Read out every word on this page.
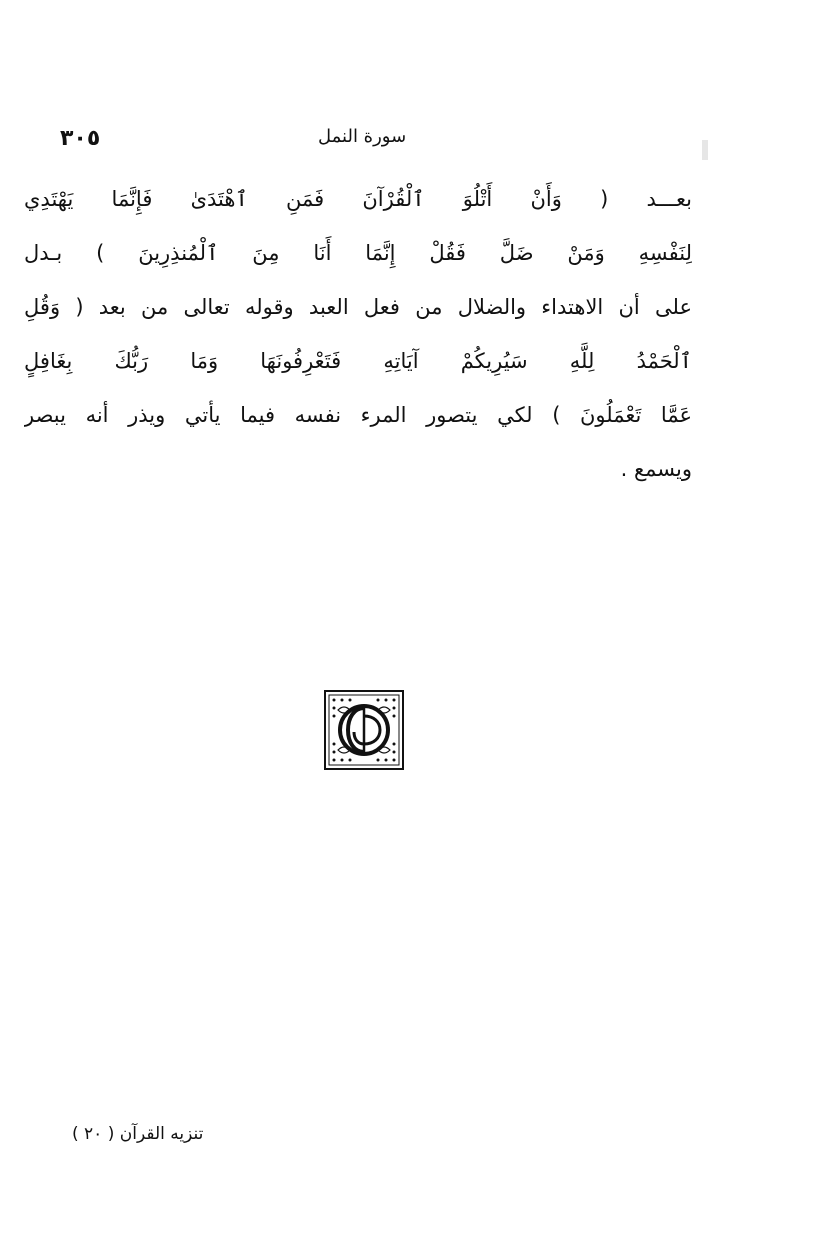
٣٠٥	سورة النمل
بعـــد ( وَأَنْ أَتْلُوَ ٱلْقُرْآنَ فَمَنِ ٱهْتَدَىٰ فَإِنَّمَا يَهْتَدِي
لِنَفْسِهِ وَمَنْ ضَلَّ فَقُلْ إِنَّمَا أَنَا مِنَ ٱلْمُنذِرِينَ ) بـدل
على أن الاهتداء والضلال من فعل العبد وقوله تعالى من بعد ( وَقُلِ
ٱلْحَمْدُ لِلَّهِ سَيُرِيكُمْ آيَاتِهِ فَتَعْرِفُونَهَا وَمَا رَبُّكَ بِغَافِلٍ
عَمَّا تَعْمَلُونَ ) لكي يتصور المرء نفسه فيما يأتي ويذر أنه يبصر
ويسمع .
تنزيه القرآن ( ٢٠ )
